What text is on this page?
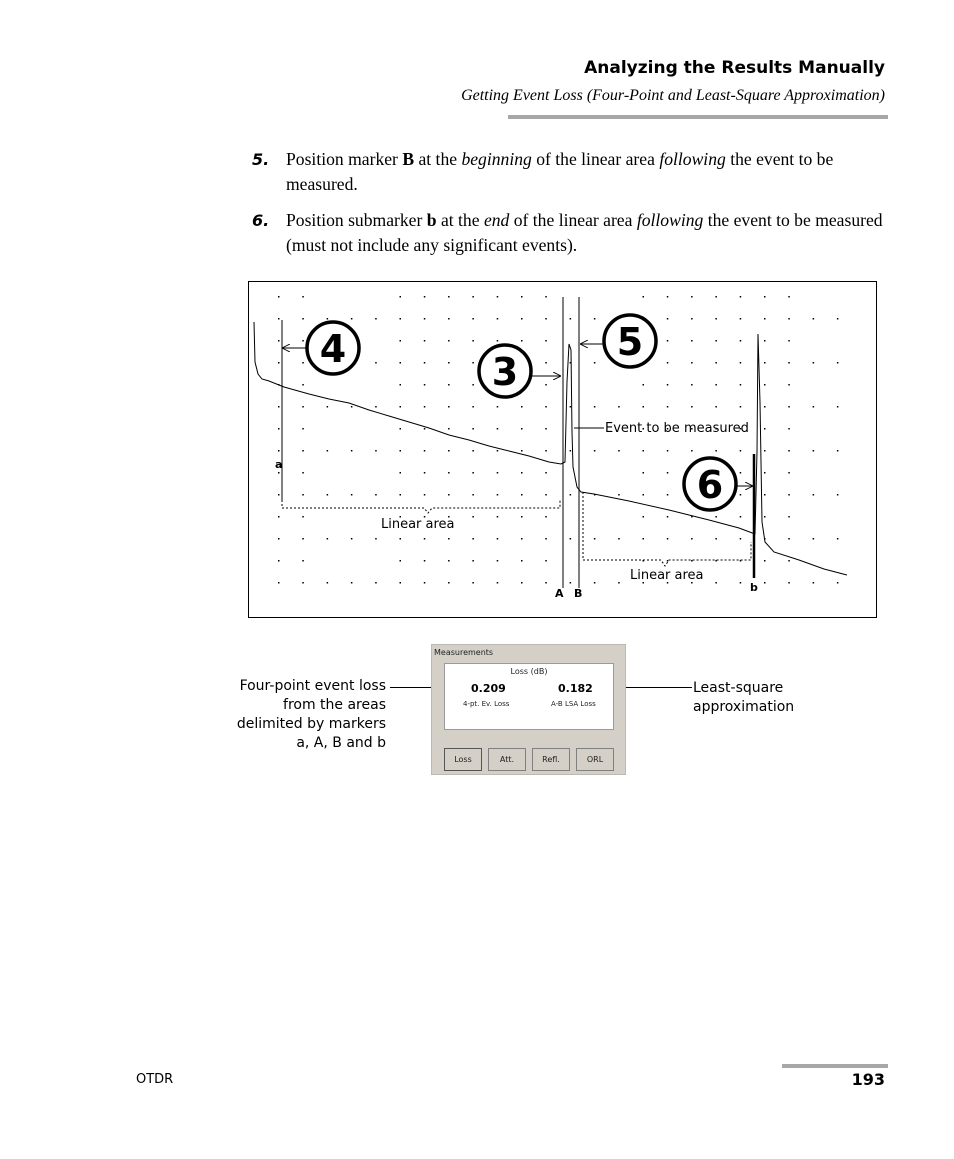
Analyzing the Results Manually
Getting Event Loss (Four-Point and Least-Square Approximation)
5. Position marker B at the beginning of the linear area following the event to be measured.
6. Position submarker b at the end of the linear area following the event to be measured (must not include any significant events).
4
3
5
6
Event to be measured
Linear area
Linear area
a
A B	b
Four-point event loss
from the areas
delimited by markers
a, A, B and b
Least-square
approximation
Measurements
Loss (dB)
0.209
4-pt. Ev. Loss
0.182
A-B LSA Loss
Loss	Att.	Refl.	ORL
OTDR	193
